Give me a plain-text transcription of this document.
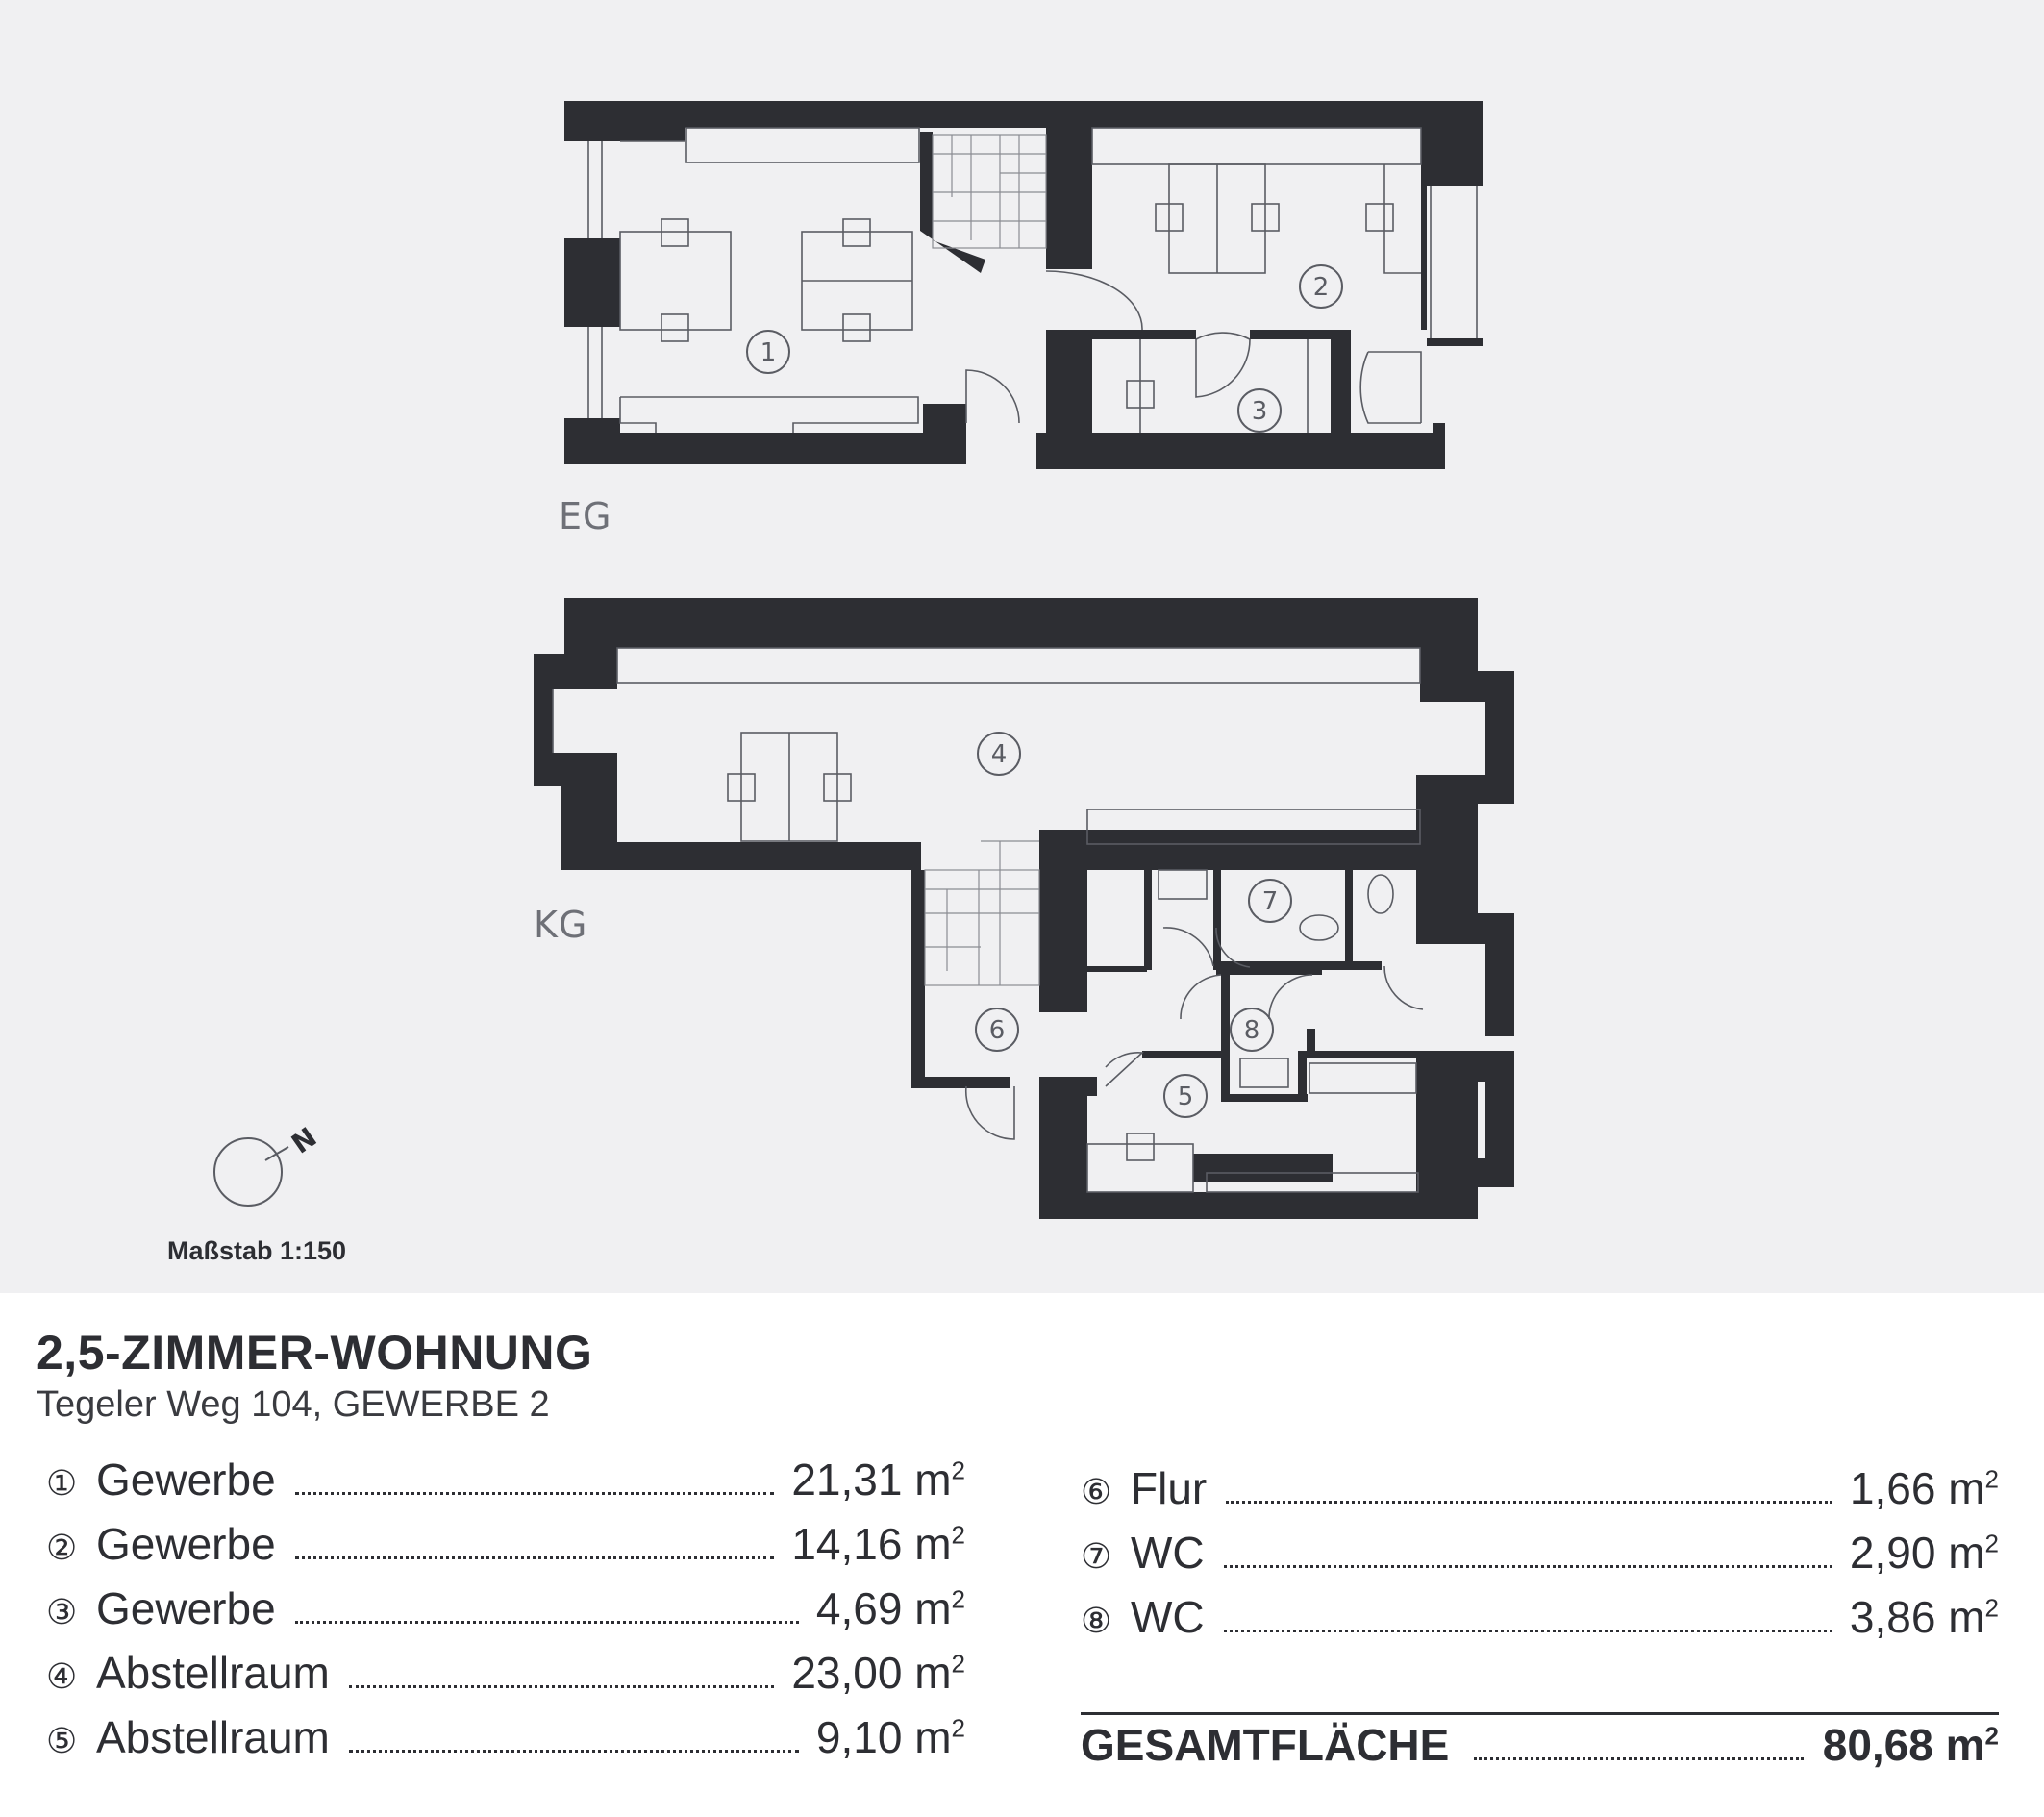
1
2
3
4
5
6
7
8
N
EG
KG
Maßstab 1:150
2,5-ZIMMER-WOHNUNG
Tegeler Weg 104, GEWERBE 2
① Gewerbe	21,31 $m^2$
② Gewerbe	14,16 $m^2$
③ Gewerbe	4,69 $m^2$
④ Abstellraum	23,00 $m^2$
⑤ Abstellraum	9,10 $m^2$
⑥ Flur	1,66 $m^2$
⑦ WC	2,90 $m^2$
⑧ WC	3,86 $m^2$
GESAMTFLÄCHE	80,68 $m^2$
